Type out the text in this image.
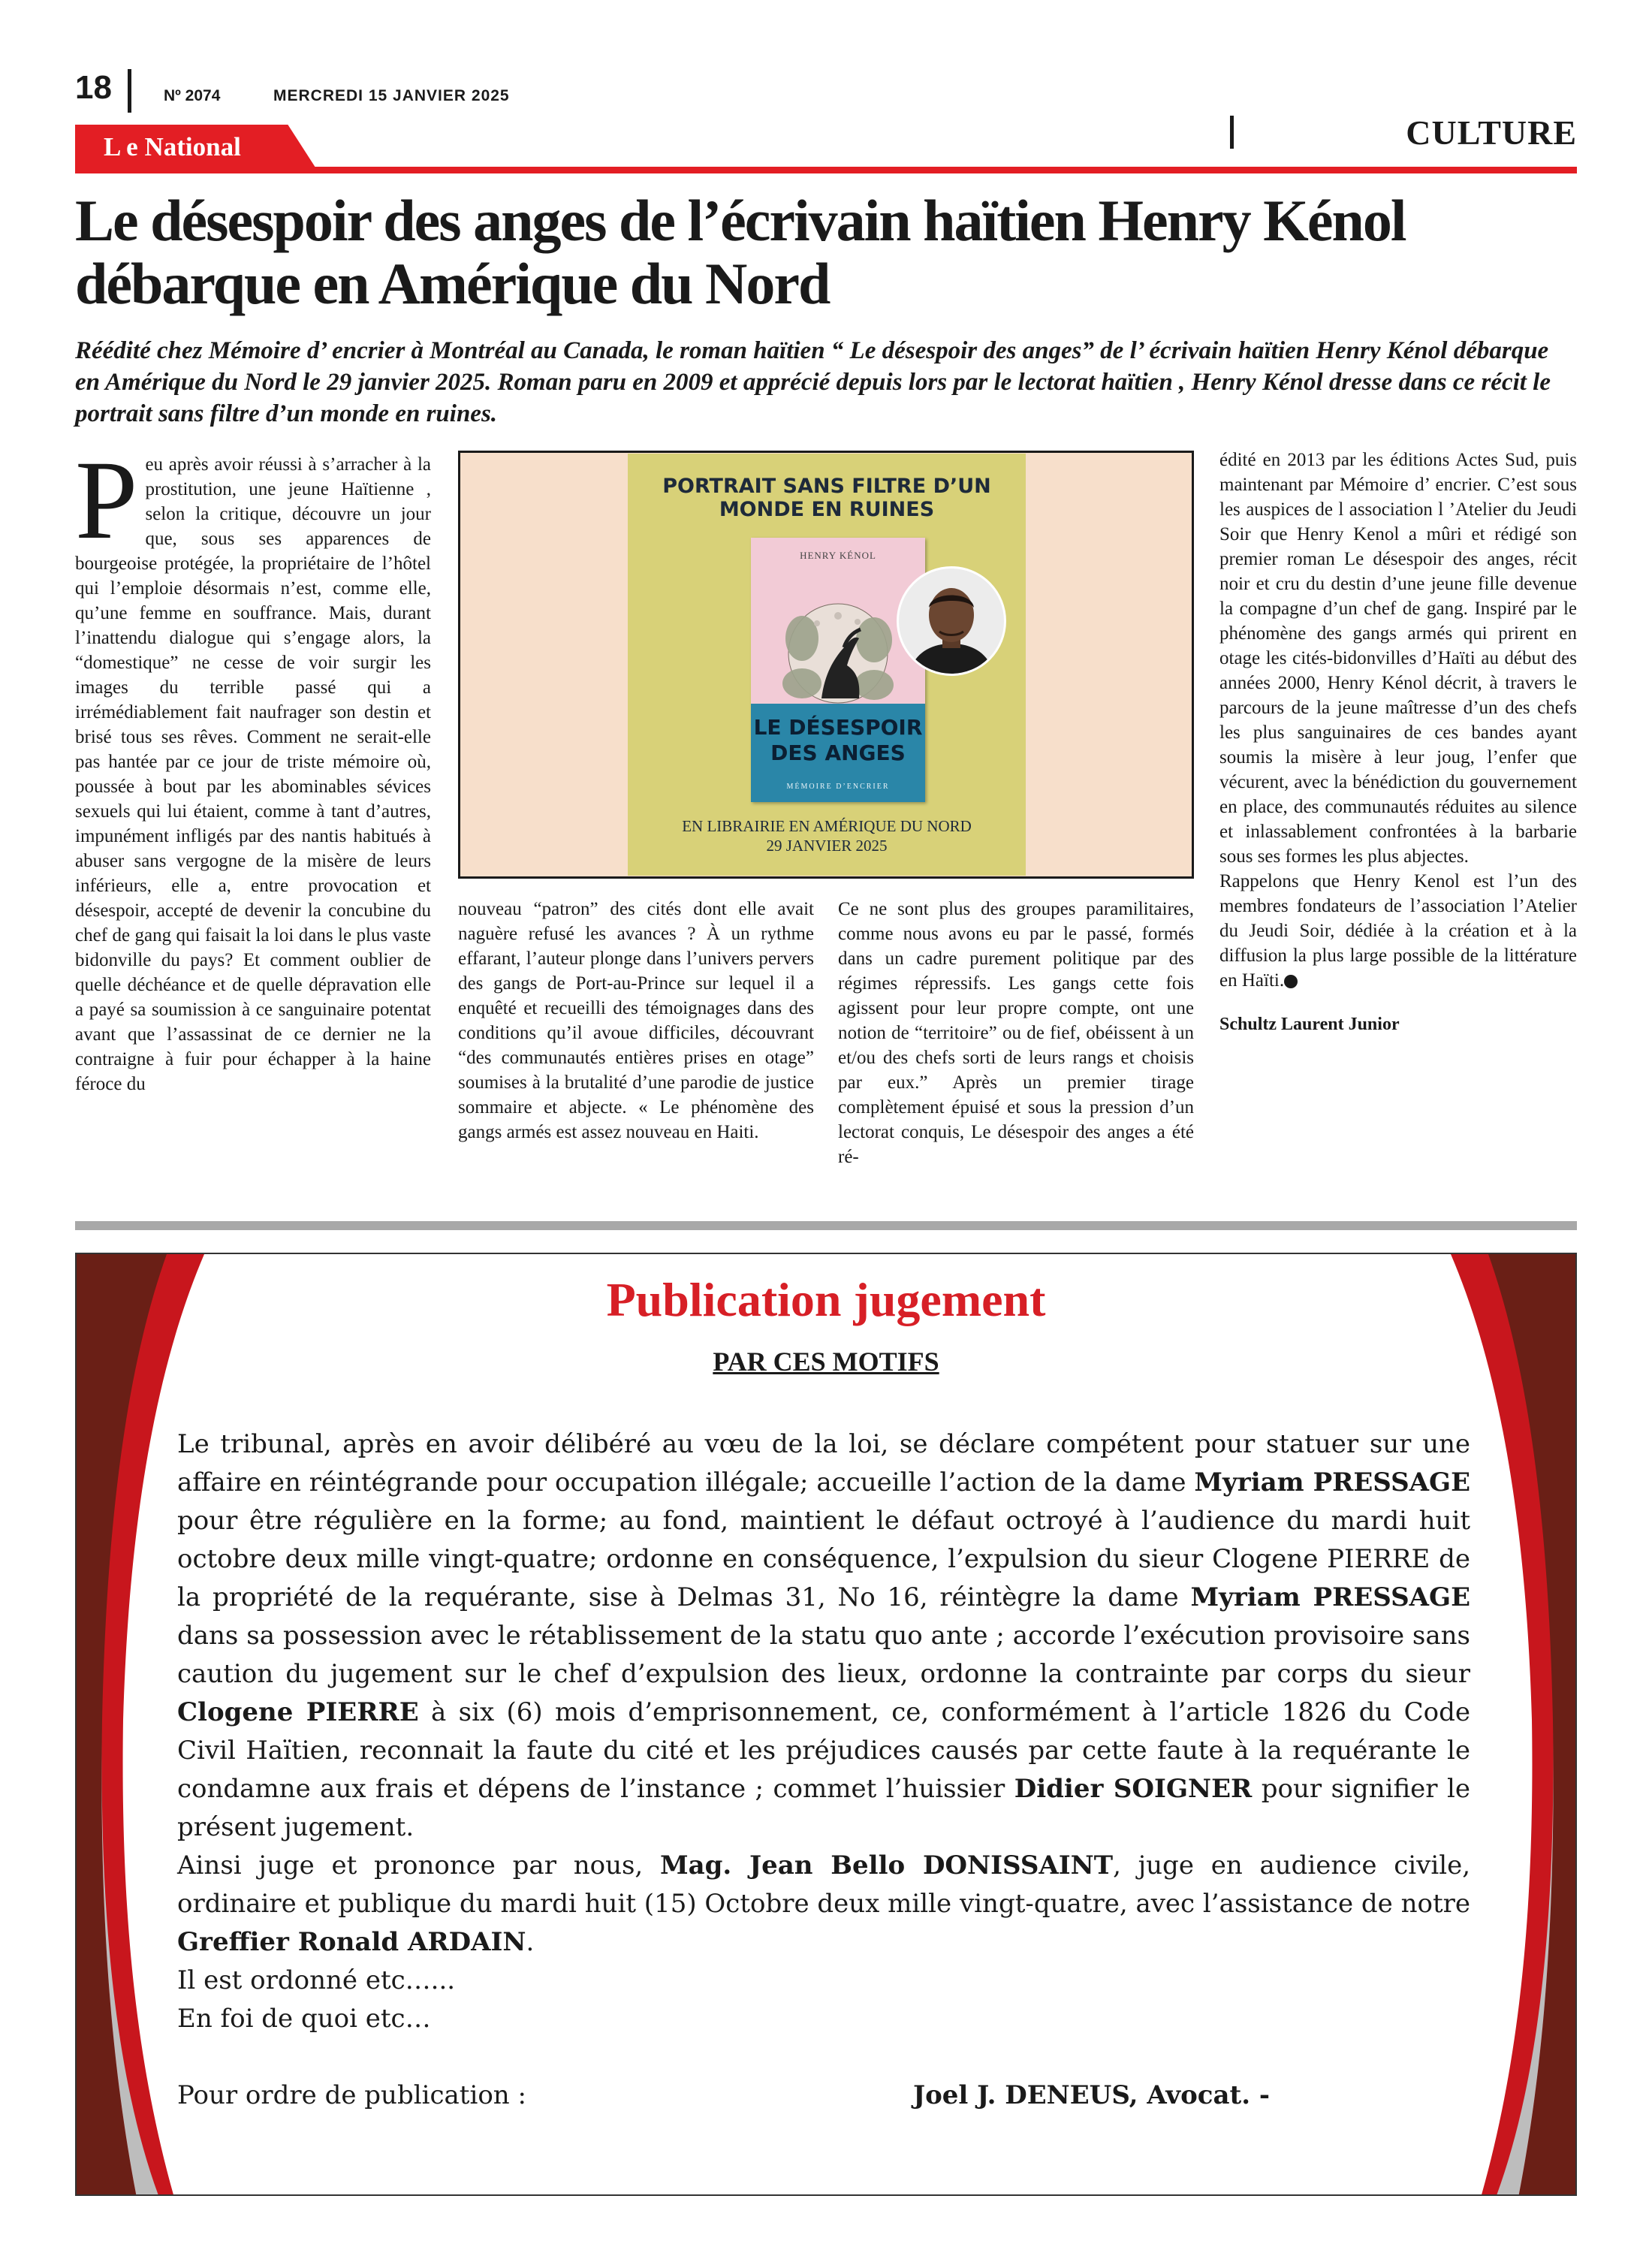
18	Nº 2074	MERCREDI 15 JANVIER 2025
L e National	CULTURE
Le désespoir des anges de l’écrivain haïtien Henry Kénol
débarque en Amérique du Nord
Réédité chez Mémoire d’ encrier à Montréal au Canada, le roman haïtien “ Le désespoir des anges” de l’ écrivain haïtien Henry Kénol débarque en Amérique du Nord le 29 janvier 2025. Roman paru en 2009 et apprécié depuis lors par le lectorat haïtien , Henry Kénol dresse dans ce récit le portrait sans filtre d’un monde en ruines.

Peu après avoir réussi à s’arracher à la prostitution, une jeune Haïtienne , selon la critique, découvre un jour que, sous ses apparences de bourgeoise protégée, la propriétaire de l’hôtel qui l’emploie désormais n’est, comme elle, qu’une femme en souffrance. Mais, durant l’inattendu dialogue qui s’engage alors, la “domestique” ne cesse de voir surgir les images du terrible passé qui a irrémédiablement fait naufrager son destin et brisé tous ses rêves. Comment ne serait-elle pas hantée par ce jour de triste mémoire où, poussée à bout par les abominables sévices sexuels qui lui étaient, comme à tant d’autres, impunément infligés par des nantis habitués à abuser sans vergogne de la misère de leurs inférieurs, elle a, entre provocation et désespoir, accepté de devenir la concubine du chef de gang qui faisait la loi dans le plus vaste bidonville du pays? Et comment oublier de quelle déchéance et de quelle dépravation elle a payé sa soumission à ce sanguinaire potentat avant que l’assassinat de ce dernier ne la contraigne à fuir pour échapper à la haine féroce du

PORTRAIT SANS FILTRE D’UN MONDE EN RUINES
HENRY KÉNOL
LE DÉSESPOIR
DES ANGES
MÉMOIRE D’ENCRIER
EN LIBRAIRIE EN AMÉRIQUE DU NORD
29 JANVIER 2025

nouveau “patron” des cités dont elle avait naguère refusé les avances ? À un rythme effarant, l’auteur plonge dans l’univers pervers des gangs de Port-au-Prince sur lequel il a enquêté et recueilli des témoignages dans des conditions qu’il avoue difficiles, découvrant “des communautés entières prises en otage” soumises à la brutalité d’une parodie de justice sommaire et abjecte. « Le phénomène des gangs armés est assez nouveau en Haiti.

Ce ne sont plus des groupes paramilitaires, comme nous avons eu par le passé, formés dans un cadre purement politique par des régimes répressifs. Les gangs cette fois agissent pour leur propre compte, ont une notion de “territoire” ou de fief, obéissent à un et/ou des chefs sorti de leurs rangs et choisis par eux.” Après un premier tirage complètement épuisé et sous la pression d’un lectorat conquis, Le désespoir des anges a été ré-

édité en 2013 par les éditions Actes Sud, puis maintenant par Mémoire d’ encrier. C’est sous les auspices de l association l ’Atelier du Jeudi Soir que Henry Kenol a mûri et rédigé son premier roman Le désespoir des anges, récit noir et cru du destin d’une jeune fille devenue la compagne d’un chef de gang. Inspiré par le phénomène des gangs armés qui prirent en otage les cités-bidonvilles d’Haïti au début des années 2000, Henry Kénol décrit, à travers le parcours de la jeune maîtresse d’un des chefs les plus sanguinaires de ces bandes ayant soumis la misère à leur joug, l’enfer que vécurent, avec la bénédiction du gouvernement en place, des communautés réduites au silence et inlassablement confrontées à la barbarie sous ses formes les plus abjectes.

Rappelons que Henry Kenol est l’un des membres fondateurs de l’association l’Atelier du Jeudi Soir, dédiée à la création et à la diffusion la plus large possible de la littérature en Haïti.

Schultz Laurent Junior

Publication jugement
PAR CES MOTIFS

Le tribunal, après en avoir délibéré au vœu de la loi, se déclare compétent pour statuer sur une affaire en réintégrande pour occupation illégale; accueille l’action de la dame Myriam PRESSAGE pour être régulière en la forme; au fond, maintient le défaut octroyé à l’audience du mardi huit octobre deux mille vingt-quatre; ordonne en conséquence, l’expulsion du sieur Clogene PIERRE de la propriété de la requérante, sise à Delmas 31, No 16, réintègre la dame Myriam PRESSAGE dans sa possession avec le rétablissement de la statu quo ante ; accorde l’exécution provisoire sans caution du jugement sur le chef d’expulsion des lieux, ordonne la contrainte par corps du sieur Clogene PIERRE à six (6) mois d’emprisonnement, ce, conformément à l’article 1826 du Code Civil Haïtien, reconnait la faute du cité et les préjudices causés par cette faute à la requérante le condamne aux frais et dépens de l’instance ; commet l’huissier Didier SOIGNER pour signifier le présent jugement.

Ainsi juge et prononce par nous, Mag. Jean Bello DONISSAINT, juge en audience civile, ordinaire et publique du mardi huit (15) Octobre deux mille vingt-quatre, avec l’assistance de notre Greffier Ronald ARDAIN.

Il est ordonné etc…...

En foi de quoi etc…

Pour ordre de publication :	Joel J. DENEUS, Avocat. -
